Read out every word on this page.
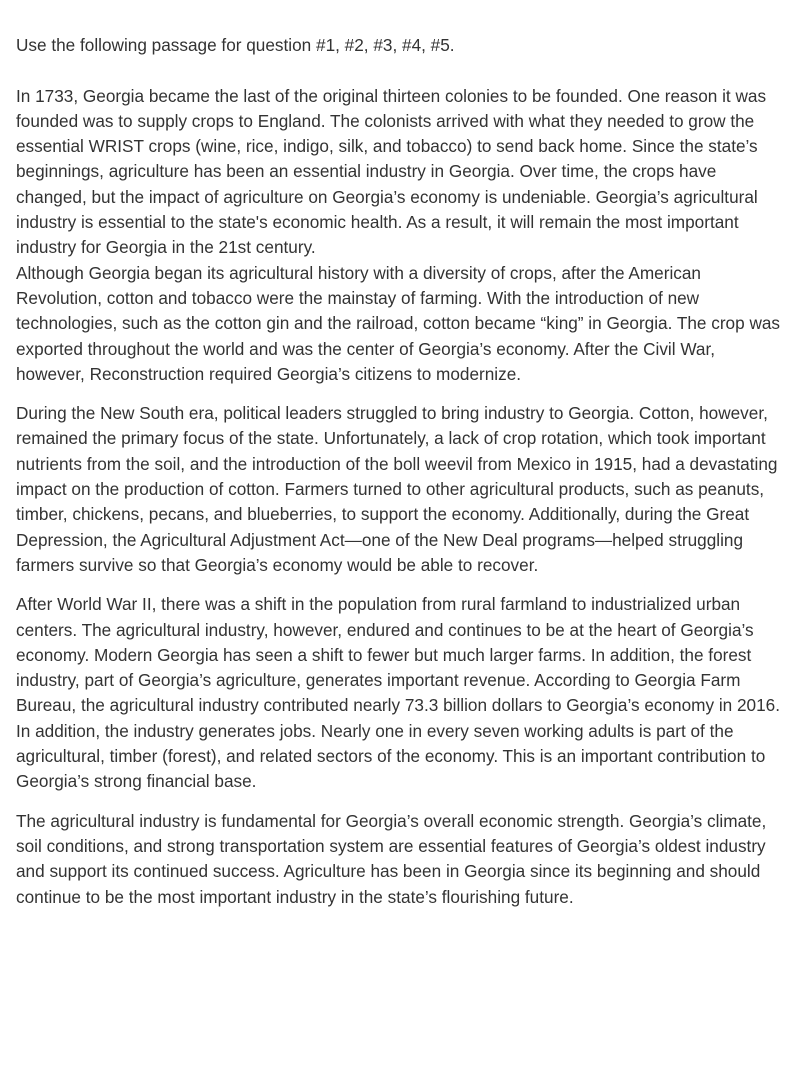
Use the following passage for question #1, #2, #3, #4, #5.

In 1733, Georgia became the last of the original thirteen colonies to be founded. One reason it was founded was to supply crops to England. The colonists arrived with what they needed to grow the essential WRIST crops (wine, rice, indigo, silk, and tobacco) to send back home. Since the state’s beginnings, agriculture has been an essential industry in Georgia. Over time, the crops have changed, but the impact of agriculture on Georgia’s economy is undeniable. Georgia’s agricultural industry is essential to the state's economic health. As a result, it will remain the most important industry for Georgia in the 21st century.

Although Georgia began its agricultural history with a diversity of crops, after the American Revolution, cotton and tobacco were the mainstay of farming. With the introduction of new technologies, such as the cotton gin and the railroad, cotton became “king” in Georgia. The crop was exported throughout the world and was the center of Georgia’s economy. After the Civil War, however, Reconstruction required Georgia’s citizens to modernize.

During the New South era, political leaders struggled to bring industry to Georgia. Cotton, however, remained the primary focus of the state. Unfortunately, a lack of crop rotation, which took important nutrients from the soil, and the introduction of the boll weevil from Mexico in 1915, had a devastating impact on the production of cotton. Farmers turned to other agricultural products, such as peanuts, timber, chickens, pecans, and blueberries, to support the economy. Additionally, during the Great Depression, the Agricultural Adjustment Act—one of the New Deal programs—helped struggling farmers survive so that Georgia’s economy would be able to recover.

After World War II, there was a shift in the population from rural farmland to industrialized urban centers. The agricultural industry, however, endured and continues to be at the heart of Georgia’s economy. Modern Georgia has seen a shift to fewer but much larger farms. In addition, the forest industry, part of Georgia’s agriculture, generates important revenue. According to Georgia Farm Bureau, the agricultural industry contributed nearly 73.3 billion dollars to Georgia’s economy in 2016. In addition, the industry generates jobs. Nearly one in every seven working adults is part of the agricultural, timber (forest), and related sectors of the economy. This is an important contribution to Georgia’s strong financial base.

The agricultural industry is fundamental for Georgia’s overall economic strength. Georgia’s climate, soil conditions, and strong transportation system are essential features of Georgia’s oldest industry and support its continued success. Agriculture has been in Georgia since its beginning and should continue to be the most important industry in the state’s flourishing future.
